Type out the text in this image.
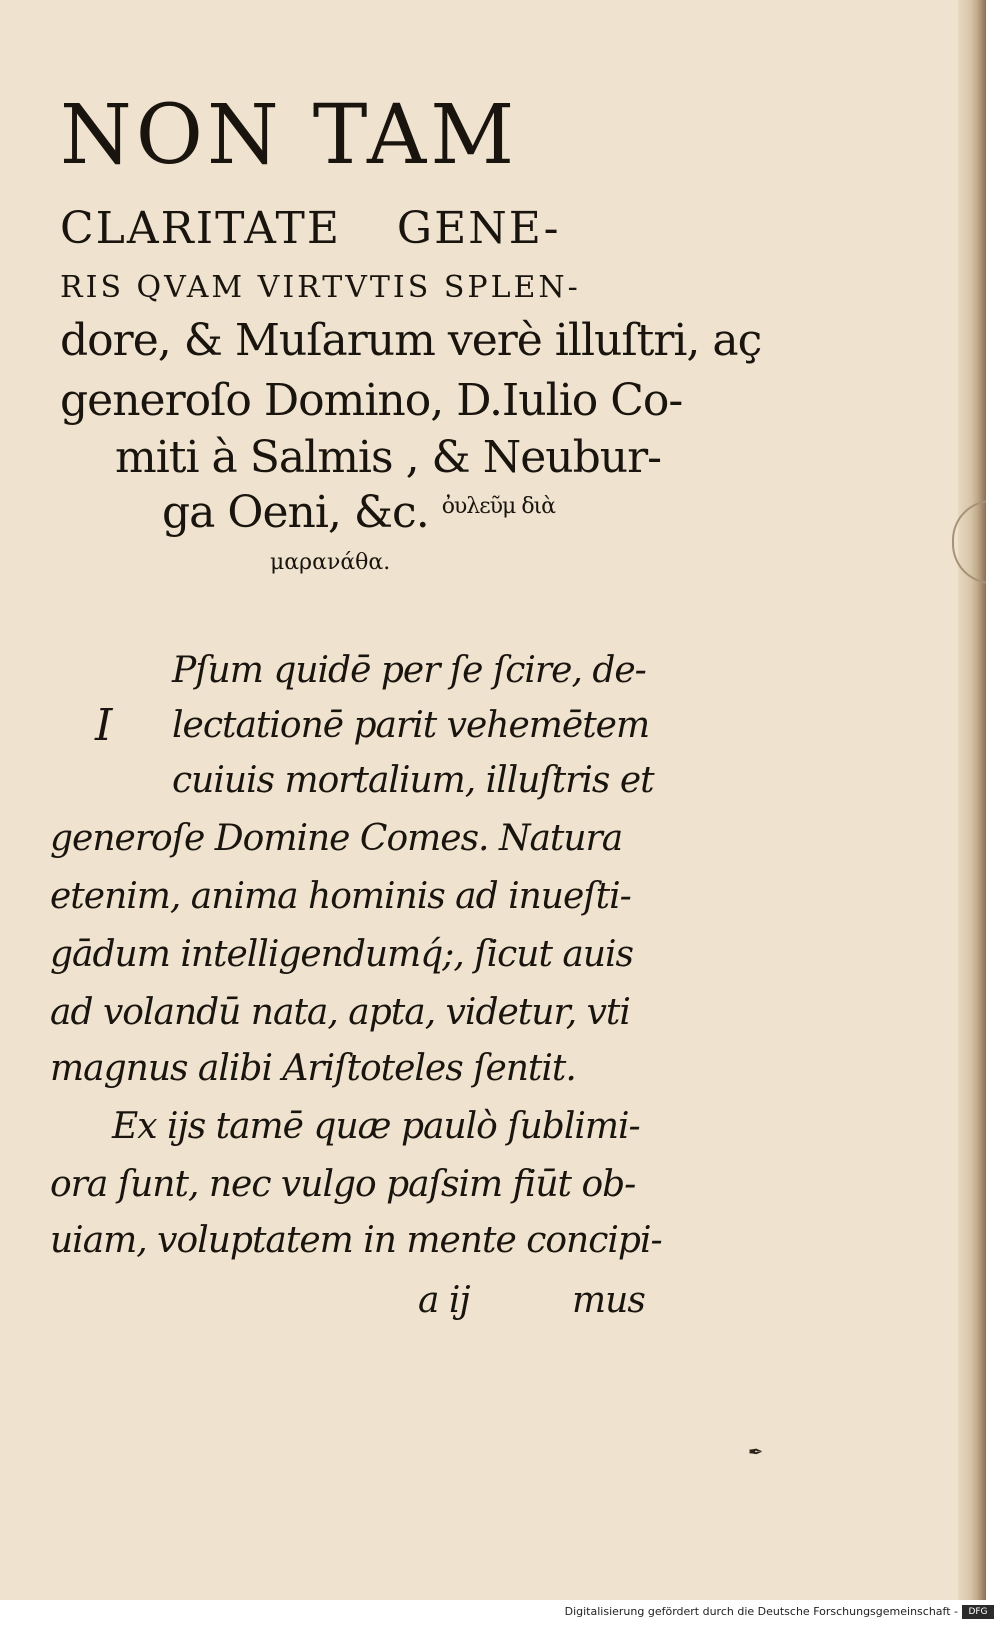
NON TAM
CLARITATE GENE-
RIS QVAM VIRTVTIS SPLEN-
dore, & Muſarum verè illuſtri, aç
generoſo Domino, D.Iulio Co-
miti à Salmis , & Neubur-
ga Oeni, &c. $^{ὀ\upsilon\lambda\varepsilon ῦ\mu \delta\iota ὰ}$
μαρανάθα.
I
Pſum quidē per ſe ſcire, de-
lectationē parit vehemētem
cuiuis mortalium, illuſtris et
generoſe Domine Comes. Natura
etenim, anima hominis ad inueſti-
gādum intelligendumq́;, ſicut auis
ad volandū nata, apta, videtur, vti
magnus alibi Ariſtoteles ſentit.
Ex ijs tamē quæ paulò ſublimi-
ora ſunt, nec vulgo paſsim fiūt ob-
uiam, voluptatem in mente concipi-
a ij	mus
✒
Digitalisierung gefördert durch die Deutsche Forschungsgemeinschaft -	DFG
